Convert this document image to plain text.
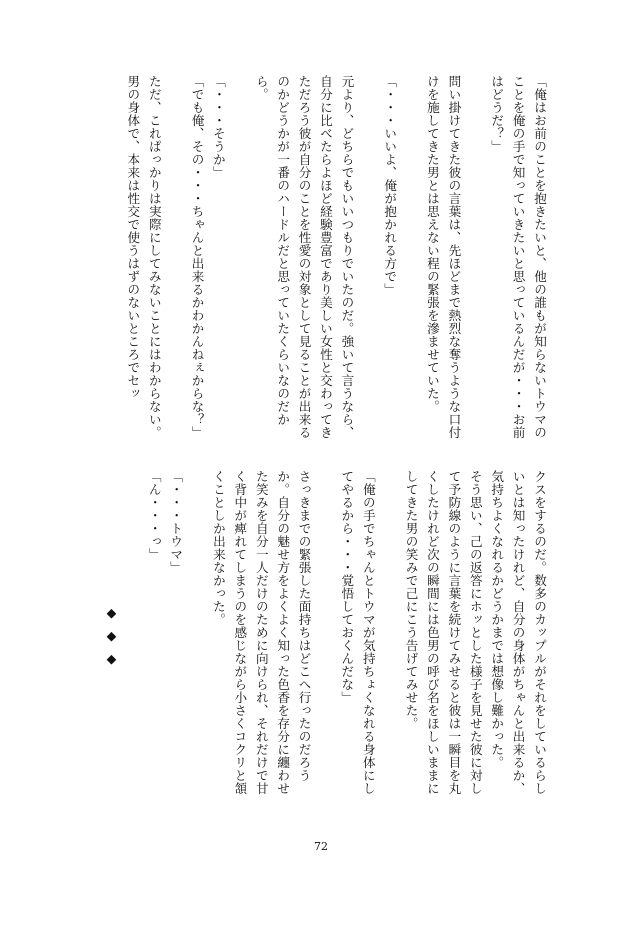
「俺はお前のことを抱きたいと、他の誰もが知らないトウマのことを俺の手で知っていきたいと思っているんだが・・・お前はどうだ？」

問い掛けてきた彼の言葉は、先ほどまで熱烈な奪うような口付けを施してきた男とは思えない程の緊張を滲ませていた。

「・・・いいよ、俺が抱かれる方で」

元より、どちらでもいいつもりでいたのだ。強いて言うなら、自分に比べたらよほど経験豊富であり美しい女性と交わってきただろう彼が自分のことを性愛の対象として見ることが出来るのかどうかが一番のハードルだと思っていたくらいなのだから。

「・・・そうか」

「でも俺、その・・・ちゃんと出来るかわかんねぇからな？」

ただ、これぱっかりは実際にしてみないことにはわからない。男の身体で、本来は性交で使うはずのないところでセッ

クスをするのだ。数多のカップルがそれをしているらしいとは知ったけれど、自分の身体がちゃんと出来るか、気持ちよくなれるかどうかまでは想像し難かった。

そう思い、己の返答にホッとした様子を見せた彼に対して予防線のように言葉を続けてみせると彼は一瞬目を丸くしたけれど次の瞬間には色男の呼び名をほしいままにしてきた男の笑みで己にこう告げてみせた。

「俺の手でちゃんとトウマが気持ちょくなれる身体にしてやるから・・・覚悟しておくんだな」

さっきまでの緊張した面持ちはどこへ行ったのだろうか。自分の魅せ方をよくよく知った色香を存分に纏わせた笑みを自分一人だけのために向けられ、それだけで甘く背中が痺れてしまうのを感じながら小さくコクリと頷くことしか出来なかった。

「・・・トウマ」

「ん・・・っ」

◆◆◆

72
